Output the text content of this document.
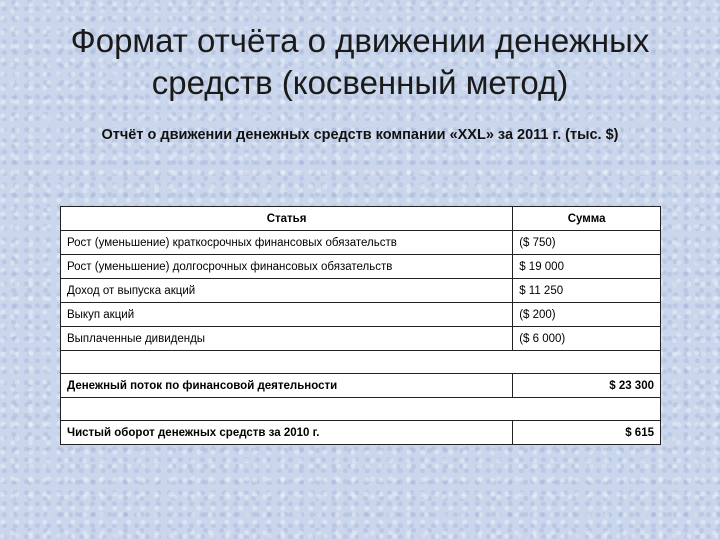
Формат отчёта о движении денежных
средств (косвенный метод)
Отчёт о движении денежных средств компании «XXL» за 2011 г. (тыс. $)
Статья	Сумма
Рост (уменьшение) краткосрочных финансовых обязательств	($ 750)
Рост (уменьшение) долгосрочных финансовых обязательств	$ 19 000
Доход от выпуска акций	$ 11 250
Выкуп акций	($ 200)
Выплаченные дивиденды	($ 6 000)

Денежный поток по финансовой деятельности	$ 23 300

Чистый оборот денежных средств за 2010 г.	$ 615
